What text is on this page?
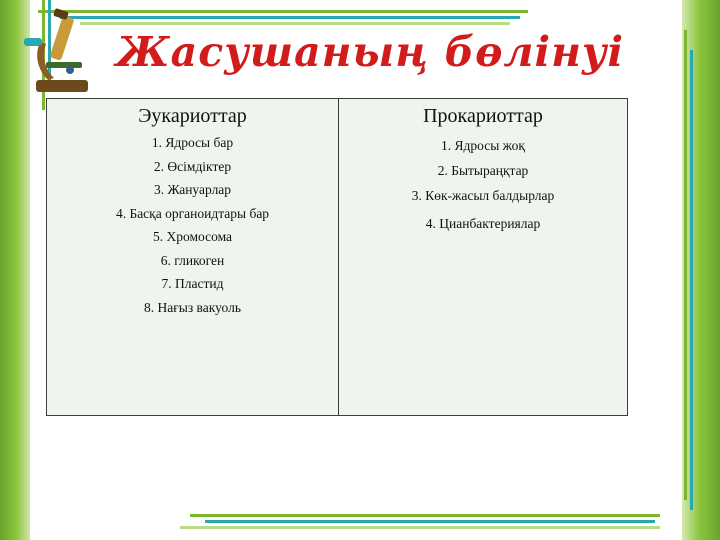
Жасушаның бөлінуі
Эукариоттар
1. Ядросы бар
2. Өсімдіктер
3. Жануарлар
4. Басқа органоидтары бар
5. Хромосома
6. гликоген
7. Пластид
8. Нағыз вакуоль
Прокариоттар
1. Ядросы жоқ
2. Бытыраңқтар
3. Көк-жасыл балдырлар
4. Цианбактериялар
